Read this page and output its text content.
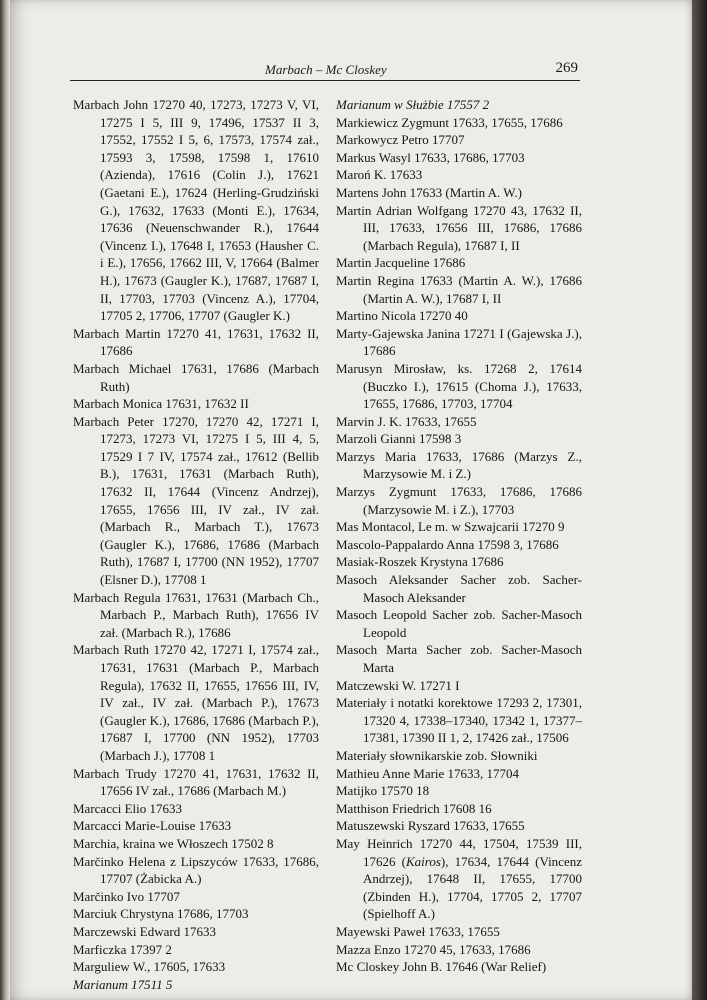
Marbach – Mc Closkey	269

Marbach John 17270 40, 17273, 17273 V, VI, 17275 I 5, III 9, 17496, 17537 II 3, 17552, 17552 I 5, 6, 17573, 17574 zał., 17593 3, 17598, 17598 1, 17610 (Azienda), 17616 (Colin J.), 17621 (Gaetani E.), 17624 (Herling-Grudziński G.), 17632, 17633 (Monti E.), 17634, 17636 (Neuenschwander R.), 17644 (Vincenz I.), 17648 I, 17653 (Hausher C. i E.), 17656, 17662 III, V, 17664 (Balmer H.), 17673 (Gaugler K.), 17687, 17687 I, II, 17703, 17703 (Vincenz A.), 17704, 17705 2, 17706, 17707 (Gaugler K.)

Marbach Martin 17270 41, 17631, 17632 II, 17686

Marbach Michael 17631, 17686 (Marbach Ruth)

Marbach Monica 17631, 17632 II

Marbach Peter 17270, 17270 42, 17271 I, 17273, 17273 VI, 17275 I 5, III 4, 5, 17529 I 7 IV, 17574 zał., 17612 (Bellib B.), 17631, 17631 (Marbach Ruth), 17632 II, 17644 (Vincenz Andrzej), 17655, 17656 III, IV zał., IV zał. (Marbach R., Marbach T.), 17673 (Gaugler K.), 17686, 17686 (Marbach Ruth), 17687 I, 17700 (NN 1952), 17707 (Elsner D.), 17708 1

Marbach Regula 17631, 17631 (Marbach Ch., Marbach P., Marbach Ruth), 17656 IV zał. (Marbach R.), 17686

Marbach Ruth 17270 42, 17271 I, 17574 zał., 17631, 17631 (Marbach P., Marbach Regula), 17632 II, 17655, 17656 III, IV, IV zał., IV zał. (Marbach P.), 17673 (Gaugler K.), 17686, 17686 (Marbach P.), 17687 I, 17700 (NN 1952), 17703 (Marbach J.), 17708 1

Marbach Trudy 17270 41, 17631, 17632 II, 17656 IV zał., 17686 (Marbach M.)

Marcacci Elio 17633

Marcacci Marie-Louise 17633

Marchia, kraina we Włoszech 17502 8

Marčinko Helena z Lipszyców 17633, 17686, 17707 (Żabicka A.)

Marčinko Ivo 17707

Marciuk Chrystyna 17686, 17703

Marczewski Edward 17633

Marficzka 17397 2

Marguliew W., 17605, 17633

Marianum 17511 5

Marianum w Służbie 17557 2

Markiewicz Zygmunt 17633, 17655, 17686

Markowycz Petro 17707

Markus Wasyl 17633, 17686, 17703

Maroń K. 17633

Martens John 17633 (Martin A. W.)

Martin Adrian Wolfgang 17270 43, 17632 II, III, 17633, 17656 III, 17686, 17686 (Marbach Regula), 17687 I, II

Martin Jacqueline 17686

Martin Regina 17633 (Martin A. W.), 17686 (Martin A. W.), 17687 I, II

Martino Nicola 17270 40

Marty-Gajewska Janina 17271 I (Gajewska J.), 17686

Marusyn Mirosław, ks. 17268 2, 17614 (Buczko I.), 17615 (Choma J.), 17633, 17655, 17686, 17703, 17704

Marvin J. K. 17633, 17655

Marzoli Gianni 17598 3

Marzys Maria 17633, 17686 (Marzys Z., Marzysowie M. i Z.)

Marzys Zygmunt 17633, 17686, 17686 (Marzysowie M. i Z.), 17703

Mas Montacol, Le m. w Szwajcarii 17270 9

Mascolo-Pappalardo Anna 17598 3, 17686

Masiak-Roszek Krystyna 17686

Masoch Aleksander Sacher zob. Sacher-Masoch Aleksander

Masoch Leopold Sacher zob. Sacher-Masoch Leopold

Masoch Marta Sacher zob. Sacher-Masoch Marta

Matczewski W. 17271 I

Materiały i notatki korektowe 17293 2, 17301, 17320 4, 17338–17340, 17342 1, 17377–17381, 17390 II 1, 2, 17426 zał., 17506

Materiały słownikarskie zob. Słowniki

Mathieu Anne Marie 17633, 17704

Matijko 17570 18

Matthison Friedrich 17608 16

Matuszewski Ryszard 17633, 17655

May Heinrich 17270 44, 17504, 17539 III, 17626 (Kairos), 17634, 17644 (Vincenz Andrzej), 17648 II, 17655, 17700 (Zbinden H.), 17704, 17705 2, 17707 (Spielhoff A.)

Mayewski Paweł 17633, 17655

Mazza Enzo 17270 45, 17633, 17686

Mc Closkey John B. 17646 (War Relief)
